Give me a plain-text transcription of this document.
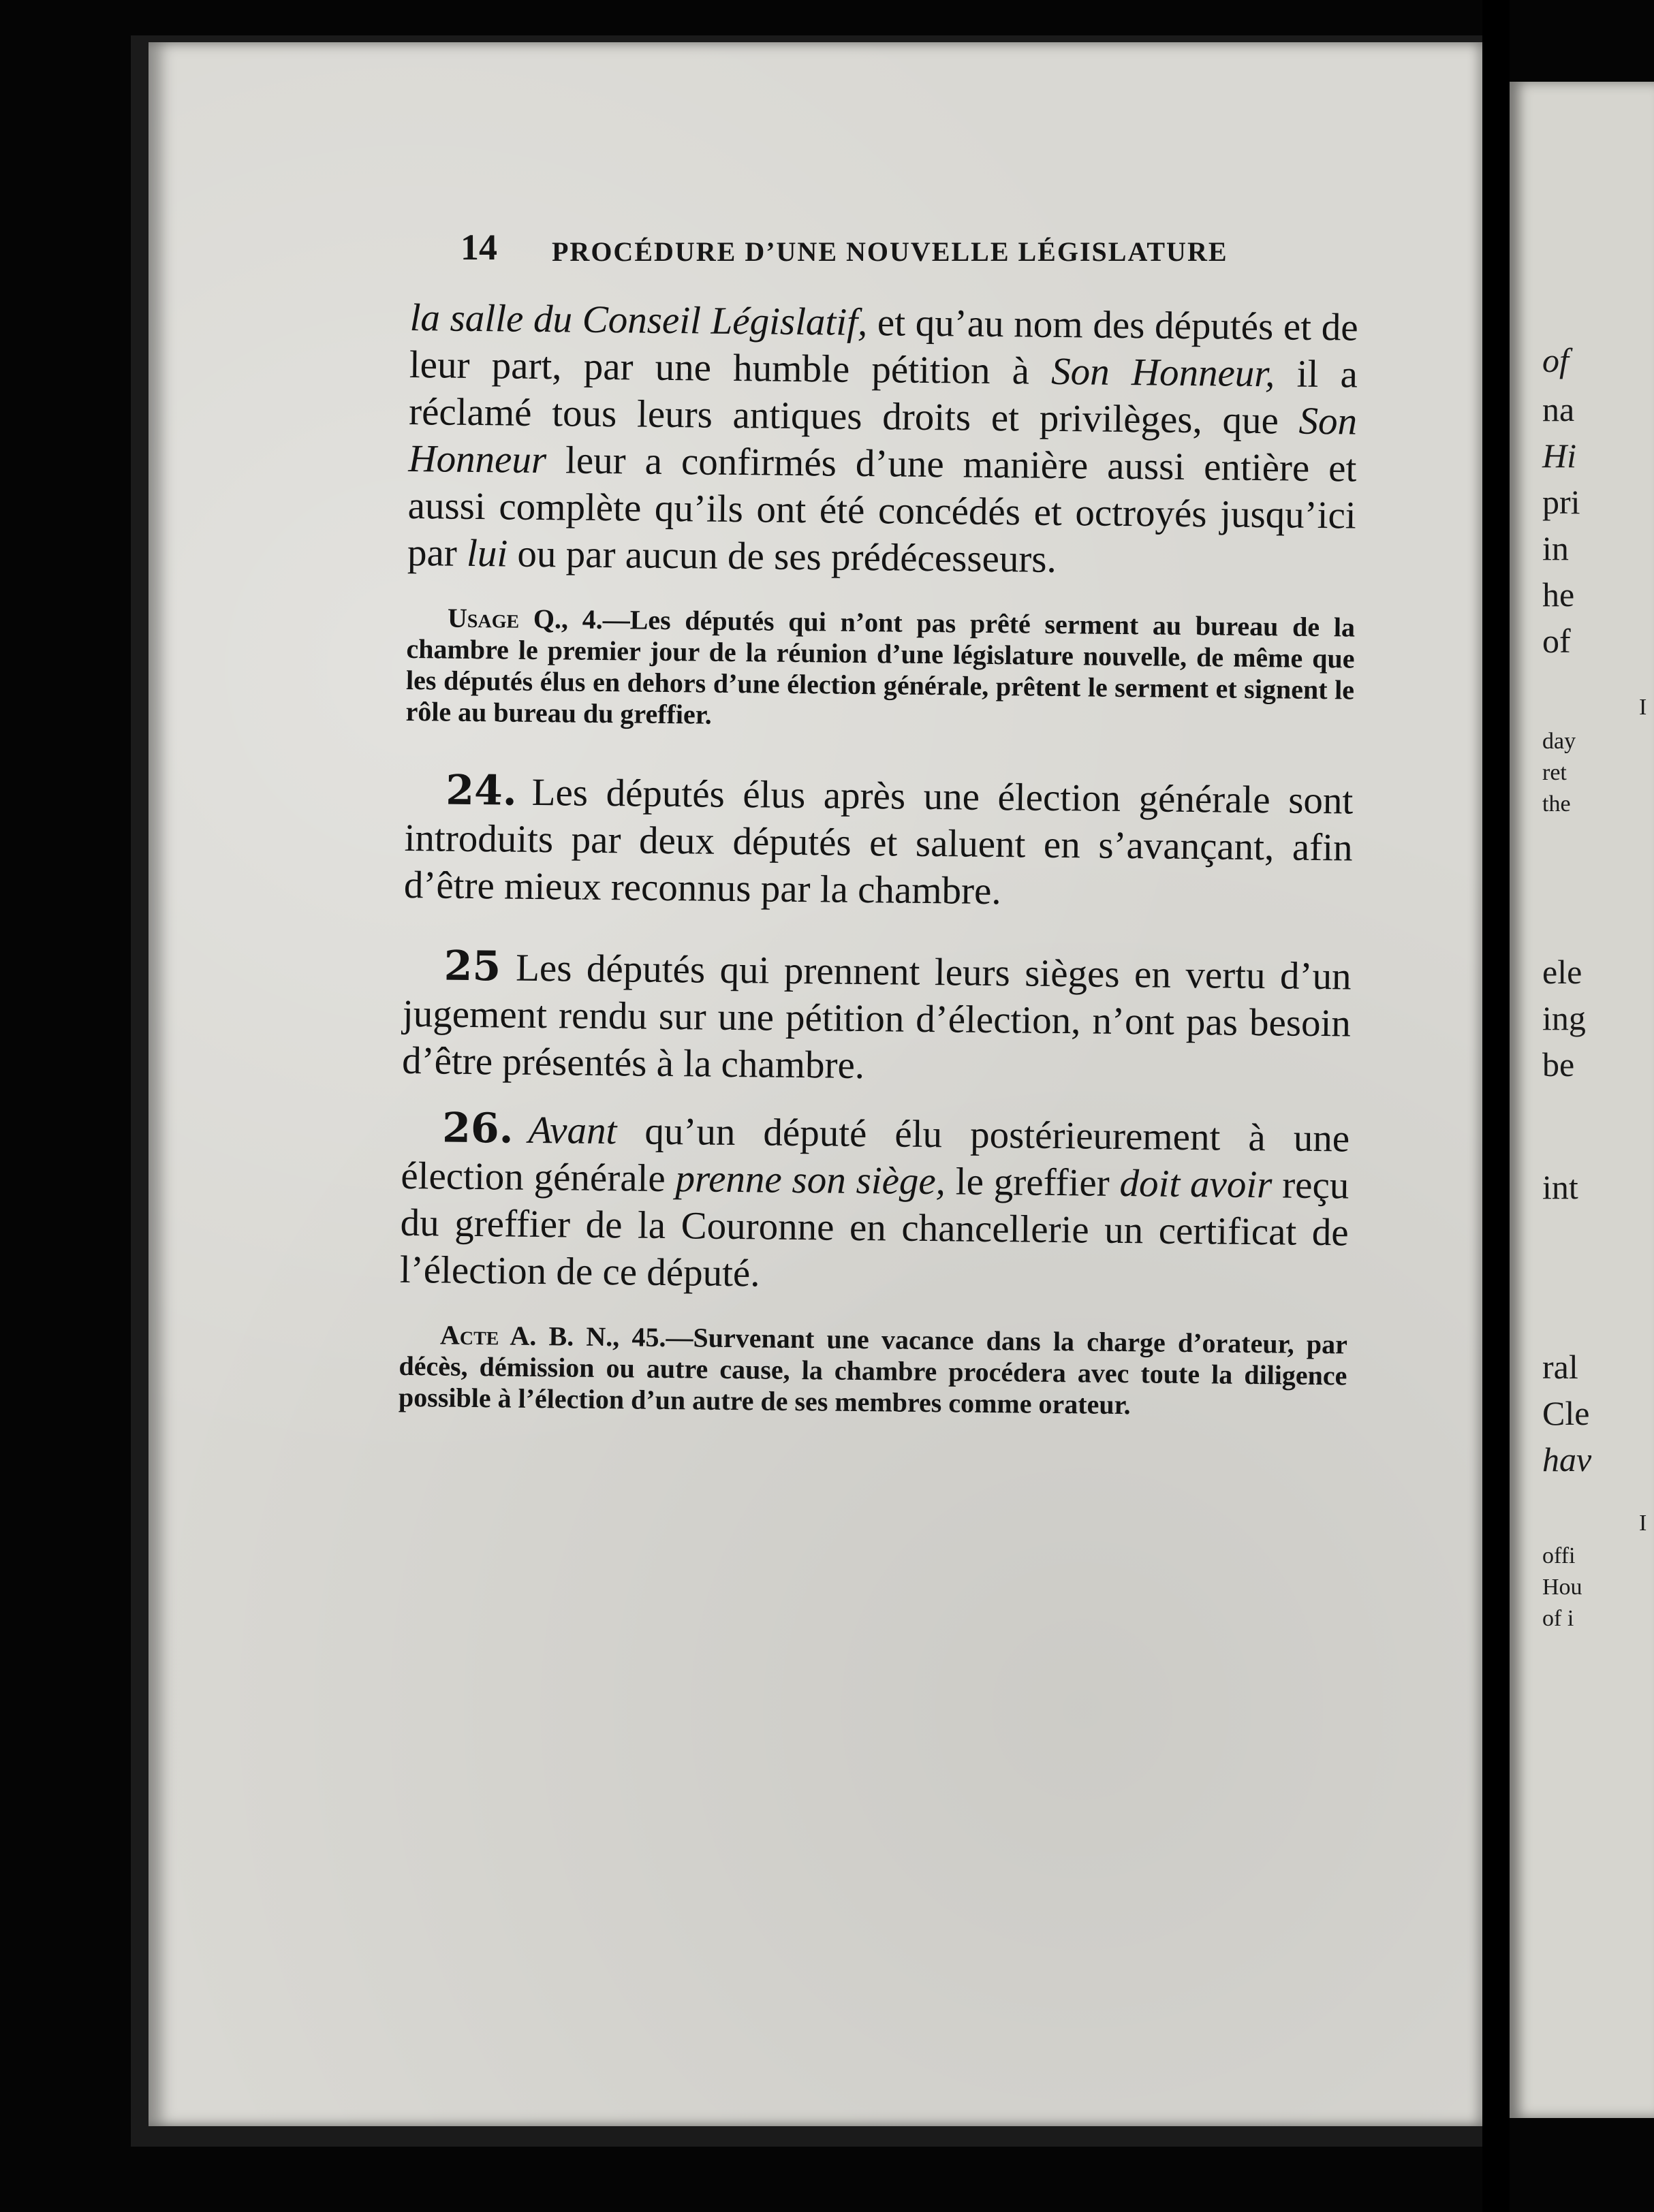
14 PROCÉDURE D’UNE NOUVELLE LÉGISLATURE

la salle du Conseil Législatif, et qu’au nom des députés et de leur part, par une humble pétition à Son Honneur, il a réclamé tous leurs antiques droits et privilèges, que Son Honneur leur a confirmés d’une manière aussi entière et aussi complète qu’ils ont été concédés et octroyés jusqu’ici par lui ou par aucun de ses prédécesseurs.

Usage Q., 4.—Les députés qui n’ont pas prêté serment au bureau de la chambre le premier jour de la réunion d’une législature nouvelle, de même que les députés élus en dehors d’une élection générale, prêtent le serment et signent le rôle au bureau du greffier.

24. Les députés élus après une élection générale sont introduits par deux députés et saluent en s’avançant, afin d’être mieux reconnus par la chambre.

25 Les députés qui prennent leurs sièges en vertu d’un jugement rendu sur une pétition d’élection, n’ont pas besoin d’être présentés à la chambre.

26. Avant qu’un député élu postérieurement à une élection générale prenne son siège, le greffier doit avoir reçu du greffier de la Couronne en chancellerie un certificat de l’élection de ce député.

Acte A. B. N., 45.—Survenant une vacance dans la charge d’orateur, par décès, démission ou autre cause, la chambre procédera avec toute la diligence possible à l’élection d’un autre de ses membres comme orateur.

of
na
Hi
pri
in
he
of
I
day
ret
the
ele
ing
be
int
ral
Cle
hav
I
offi
Hou
of i
